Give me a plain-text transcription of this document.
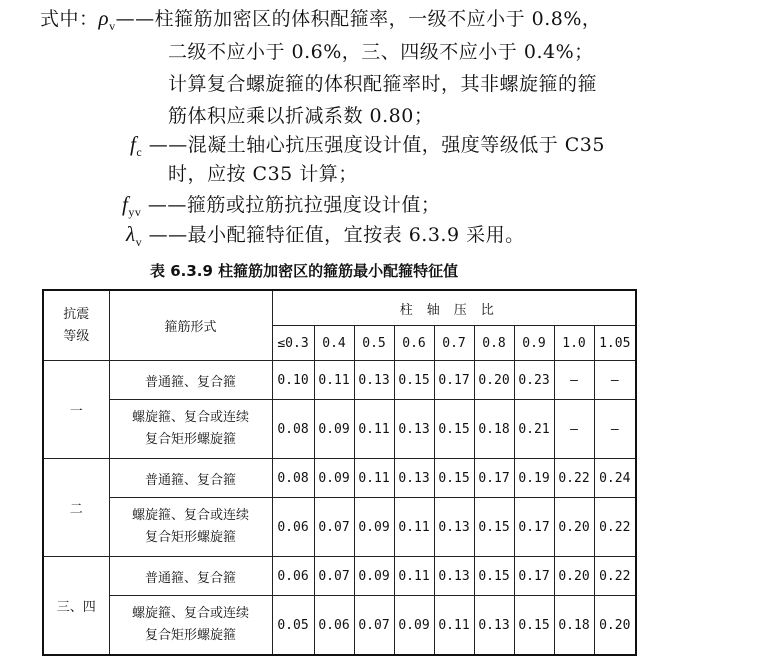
式中：$\rho_v——$柱箍筋加密区的体积配箍率，一级不应小于 0.8%，
二级不应小于 0.6%，三、四级不应小于 0.4%；
计算复合螺旋箍的体积配箍率时，其非螺旋箍的箍
筋体积应乘以折减系数 0.80；
$f_c$ ——混凝土轴心抗压强度设计值，强度等级低于 C35
时，应按 C35 计算；
$f_{yv}$ ——箍筋或拉筋抗拉强度设计值；
$\lambda_v$ ——最小配箍特征值，宜按表 6.3.9 采用。
表 6.3.9 柱箍筋加密区的箍筋最小配箍特征值
抗震
等级	箍筋形式	柱轴压比								
		≤0.3	0.4	0.5	0.6	0.7	0.8	0.9	1.0	1.05
一	普通箍、复合箍	0.10	0.11	0.13	0.15	0.17	0.20	0.23	—	—
	螺旋箍、复合或连续
复合矩形螺旋箍	0.08	0.09	0.11	0.13	0.15	0.18	0.21	—	—
二	普通箍、复合箍	0.08	0.09	0.11	0.13	0.15	0.17	0.19	0.22	0.24
	螺旋箍、复合或连续
复合矩形螺旋箍	0.06	0.07	0.09	0.11	0.13	0.15	0.17	0.20	0.22
三、四	普通箍、复合箍	0.06	0.07	0.09	0.11	0.13	0.15	0.17	0.20	0.22
	螺旋箍、复合或连续
复合矩形螺旋箍	0.05	0.06	0.07	0.09	0.11	0.13	0.15	0.18	0.20
